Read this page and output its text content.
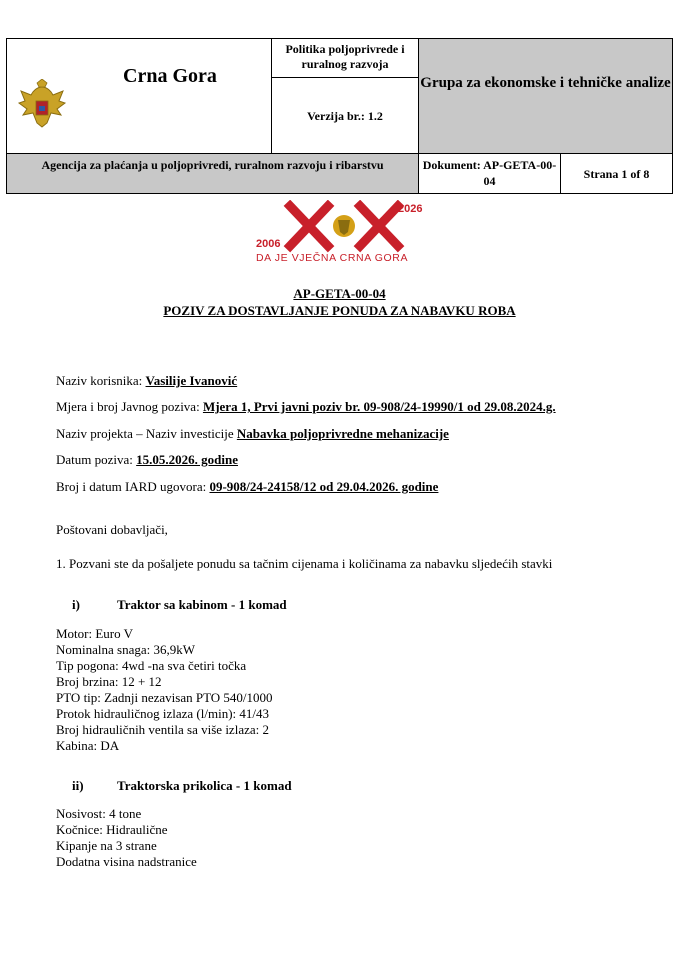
Crna Gora
Politika poljoprivrede i ruralnog razvoja
Verzija br.: 1.2
Grupa za ekonomske i tehničke analize
Agencija za plaćanja u poljoprivredi, ruralnom razvoju i ribarstvu	Dokument: AP-GETA-00-04	Strana 1 of 8
2006
2026
DA JE VJEČNA CRNA GORA
AP-GETA-00-04
POZIV ZA DOSTAVLJANJE PONUDA ZA NABAVKU ROBA
Naziv korisnika: Vasilije Ivanović
Mjera i broj Javnog poziva: Mjera 1, Prvi javni poziv br. 09-908/24-19990/1 od 29.08.2024.g.
Naziv projekta – Naziv investicije Nabavka poljoprivredne mehanizacije
Datum poziva: 15.05.2026. godine
Broj i datum IARD ugovora: 09-908/24-24158/12 od 29.04.2026. godine
Poštovani dobavljači,
1. Pozvani ste da pošaljete ponudu sa tačnim cijenama i količinama za nabavku sljedećih stavki
i)	Traktor sa kabinom - 1 komad
Motor: Euro V
Nominalna snaga: 36,9kW
Tip pogona: 4wd -na sva četiri točka
Broj brzina: 12 + 12
PTO tip: Zadnji nezavisan PTO 540/1000
Protok hidrauličnog izlaza (l/min): 41/43
Broj hidrauličnih ventila sa više izlaza: 2
Kabina: DA
ii)	Traktorska prikolica - 1 komad
Nosivost: 4 tone
Kočnice: Hidraulične
Kipanje na 3 strane
Dodatna visina nadstranice
